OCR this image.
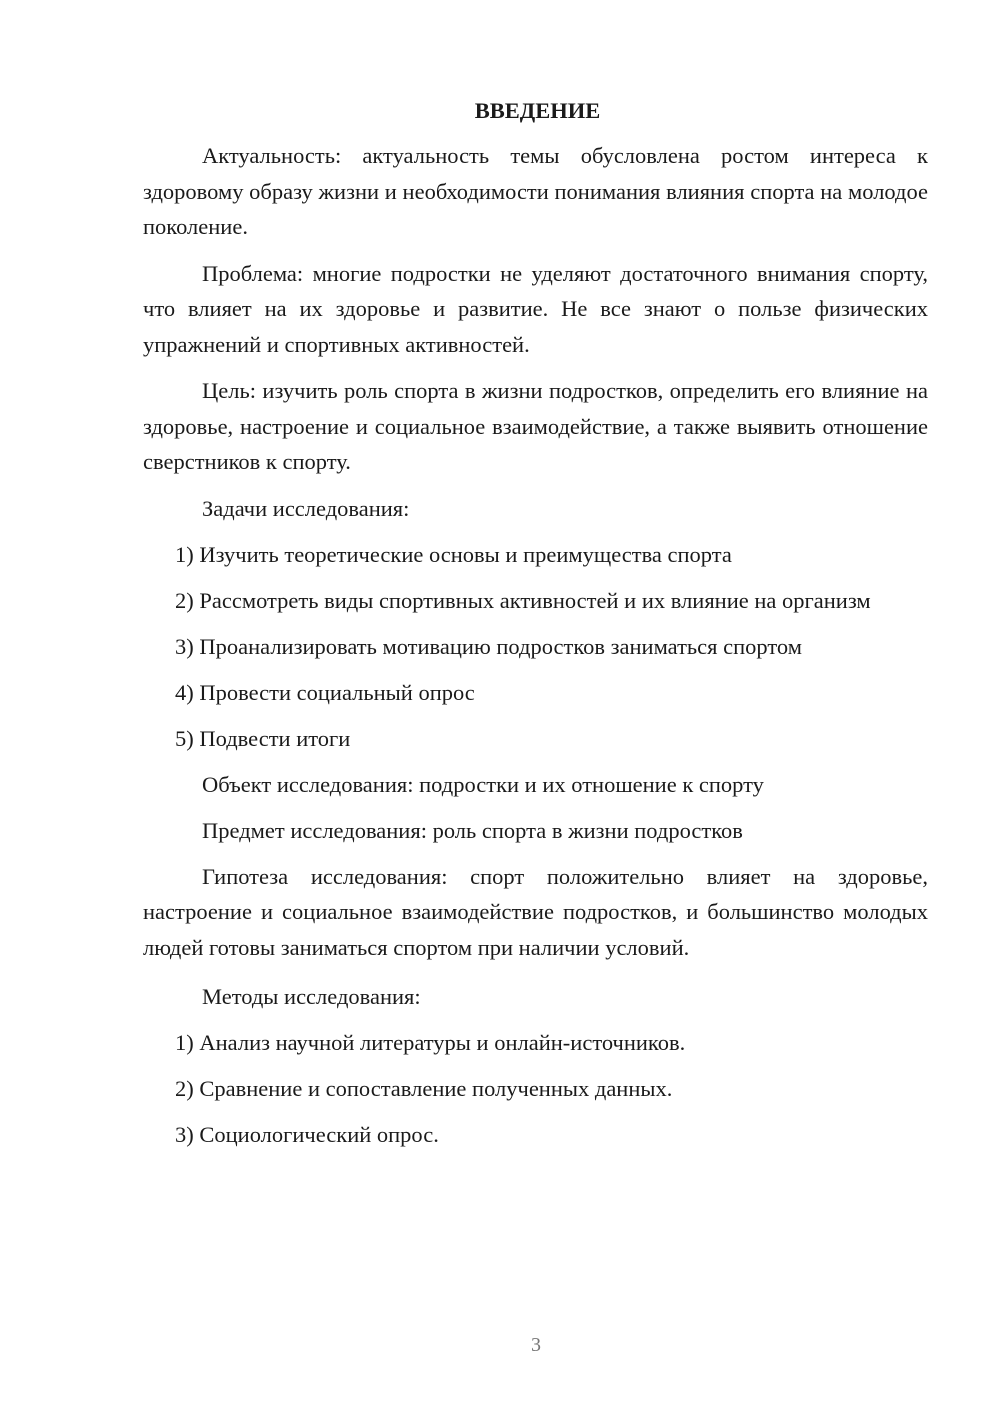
ВВЕДЕНИЕ

Актуальность: актуальность темы обусловлена ростом интереса к здоровому образу жизни и необходимости понимания влияния спорта на молодое поколение.

Проблема: многие подростки не уделяют достаточного внимания спорту, что влияет на их здоровье и развитие. Не все знают о пользе физических упражнений и спортивных активностей.

Цель: изучить роль спорта в жизни подростков, определить его влияние на здоровье, настроение и социальное взаимодействие, а также выявить отношение сверстников к спорту.

Задачи исследования:

1) Изучить теоретические основы и преимущества спорта

2) Рассмотреть виды спортивных активностей и их влияние на организм

3) Проанализировать мотивацию подростков заниматься спортом

4) Провести социальный опрос

5) Подвести итоги

Объект исследования: подростки и их отношение к спорту

Предмет исследования: роль спорта в жизни подростков

Гипотеза исследования: спорт положительно влияет на здоровье, настроение и социальное взаимодействие подростков, и большинство молодых людей готовы заниматься спортом при наличии условий.

Методы исследования:

1) Анализ научной литературы и онлайн-источников.

2) Сравнение и сопоставление полученных данных.

3) Социологический опрос.

3
